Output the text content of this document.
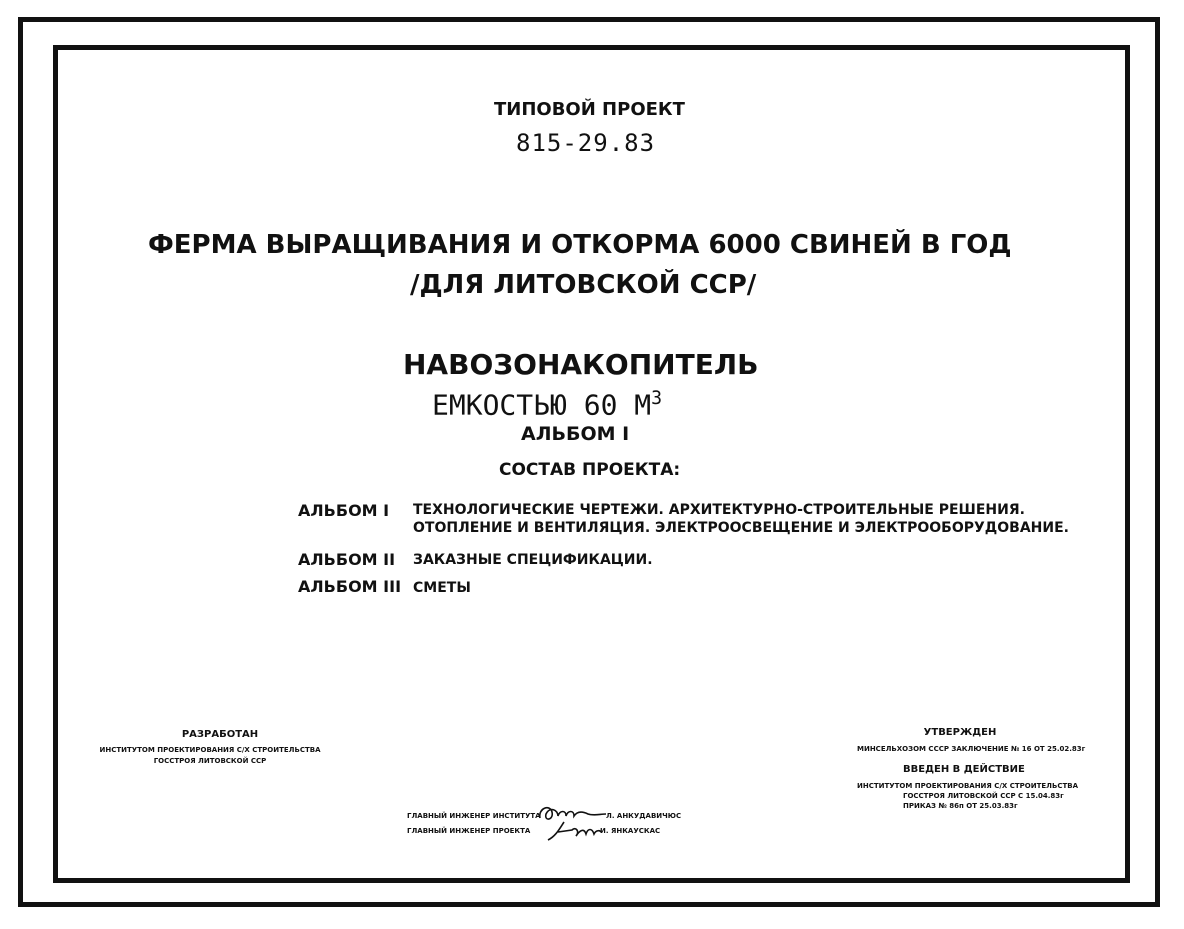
ТИПОВОЙ ПРОЕКТ
815-29.83
ФЕРМА ВЫРАЩИВАНИЯ И ОТКОРМА 6000 СВИНЕЙ В ГОД
/ДЛЯ ЛИТОВСКОЙ ССР/
НАВОЗОНАКОПИТЕЛЬ
ЕМКОСТЬЮ 60 $М^3$
АЛЬБОМ I
СОСТАВ ПРОЕКТА:
АЛЬБОМ I ТЕХНОЛОГИЧЕСКИЕ ЧЕРТЕЖИ. АРХИТЕКТУРНО-СТРОИТЕЛЬНЫЕ РЕШЕНИЯ.
ОТОПЛЕНИЕ И ВЕНТИЛЯЦИЯ. ЭЛЕКТРООСВЕЩЕНИЕ И ЭЛЕКТРООБОРУДОВАНИЕ.
АЛЬБОМ II ЗАКАЗНЫЕ СПЕЦИФИКАЦИИ.
АЛЬБОМ III СМЕТЫ
РАЗРАБОТАН
ИНСТИТУТОМ ПРОЕКТИРОВАНИЯ С/Х СТРОИТЕЛЬСТВА
ГОССТРОЯ ЛИТОВСКОЙ ССР
УТВЕРЖДЕН
МИНСЕЛЬХОЗОМ СССР ЗАКЛЮЧЕНИЕ № 16 ОТ 25.02.83г
ВВЕДЕН В ДЕЙСТВИЕ
ИНСТИТУТОМ ПРОЕКТИРОВАНИЯ С/Х СТРОИТЕЛЬСТВА
ГОССТРОЯ ЛИТОВСКОЙ ССР С 15.04.83г
ПРИКАЗ № 86п ОТ 25.03.83г
ГЛАВНЫЙ ИНЖЕНЕР ИНСТИТУТА	Л. АНКУДАВИЧЮС
ГЛАВНЫЙ ИНЖЕНЕР ПРОЕКТА	И. ЯНКАУСКАС
